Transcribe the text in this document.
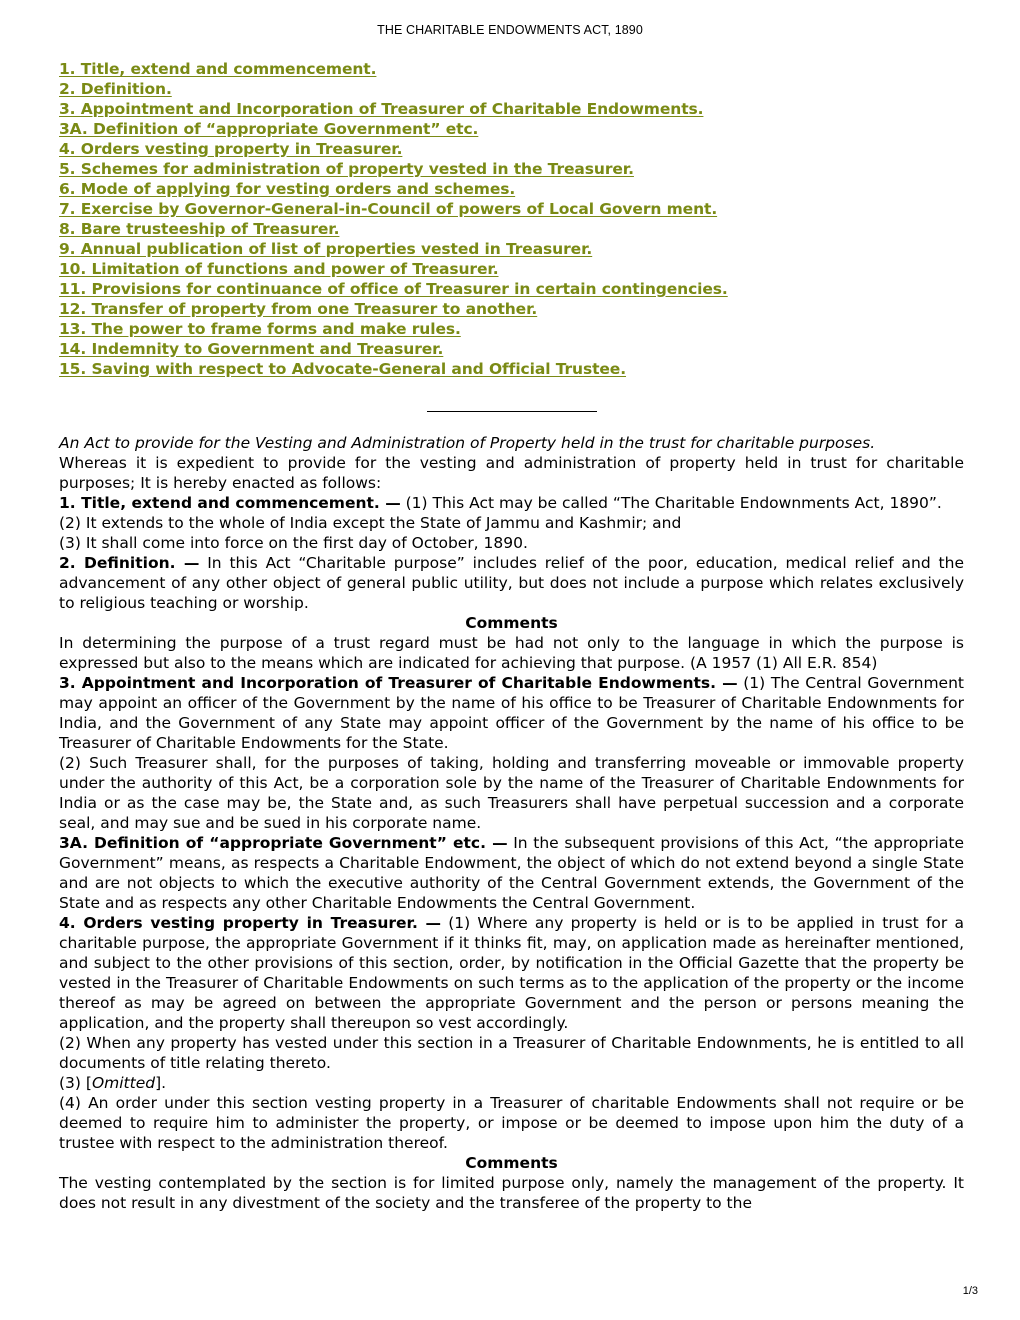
THE CHARITABLE ENDOWMENTS ACT, 1890
1. Title, extend and commencement.
2. Definition.
3. Appointment and Incorporation of Treasurer of Charitable Endowments.
3A. Definition of “appropriate Government” etc.
4. Orders vesting property in Treasurer.
5. Schemes for administration of property vested in the Treasurer.
6. Mode of applying for vesting orders and schemes.
7. Exercise by Governor-General-in-Council of powers of Local Govern ment.
8. Bare trusteeship of Treasurer.
9. Annual publication of list of properties vested in Treasurer.
10. Limitation of functions and power of Treasurer.
11. Provisions for continuance of office of Treasurer in certain contingencies.
12. Transfer of property from one Treasurer to another.
13. The power to frame forms and make rules.
14. Indemnity to Government and Treasurer.
15. Saving with respect to Advocate-General and Official Trustee.

An Act to provide for the Vesting and Administration of Property held in the trust for charitable purposes.

Whereas it is expedient to provide for the vesting and administration of property held in trust for charitable purposes; It is hereby enacted as follows:

1. Title, extend and commencement. — (1) This Act may be called “The Charitable Endownments Act, 1890”.

(2) It extends to the whole of India except the State of Jammu and Kashmir; and

(3) It shall come into force on the first day of October, 1890.

2. Definition. — In this Act “Charitable purpose” includes relief of the poor, education, medical relief and the advancement of any other object of general public utility, but does not include a purpose which relates exclusively to religious teaching or worship.

Comments

In determining the purpose of a trust regard must be had not only to the language in which the purpose is expressed but also to the means which are indicated for achieving that purpose. (A 1957 (1) All E.R. 854)

3. Appointment and Incorporation of Treasurer of Charitable Endowments. — (1) The Central Government may appoint an officer of the Government by the name of his office to be Treasurer of Charitable Endownments for India, and the Government of any State may appoint officer of the Government by the name of his office to be Treasurer of Charitable Endowments for the State.

(2) Such Treasurer shall, for the purposes of taking, holding and transferring moveable or immovable property under the authority of this Act, be a corporation sole by the name of the Treasurer of Charitable Endownments for India or as the case may be, the State and, as such Treasurers shall have perpetual succession and a corporate seal, and may sue and be sued in his corporate name.

3A. Definition of “appropriate Government” etc. — In the subsequent provisions of this Act, “the appropriate Government” means, as respects a Charitable Endowment, the object of which do not extend beyond a single State and are not objects to which the executive authority of the Central Government extends, the Government of the State and as respects any other Charitable Endowments the Central Government.

4. Orders vesting property in Treasurer. — (1) Where any property is held or is to be applied in trust for a charitable purpose, the appropriate Government if it thinks fit, may, on application made as hereinafter mentioned, and subject to the other provisions of this section, order, by notification in the Official Gazette that the property be vested in the Treasurer of Charitable Endowments on such terms as to the application of the property or the income thereof as may be agreed on between the appropriate Government and the person or persons meaning the application, and the property shall thereupon so vest accordingly.

(2) When any property has vested under this section in a Treasurer of Charitable Endownments, he is entitled to all documents of title relating thereto.

(3) [Omitted].

(4) An order under this section vesting property in a Treasurer of charitable Endowments shall not require or be deemed to require him to administer the property, or impose or be deemed to impose upon him the duty of a trustee with respect to the administration thereof.

Comments

The vesting contemplated by the section is for limited purpose only, namely the management of the property. It does not result in any divestment of the society and the transferee of the property to the

1/3
